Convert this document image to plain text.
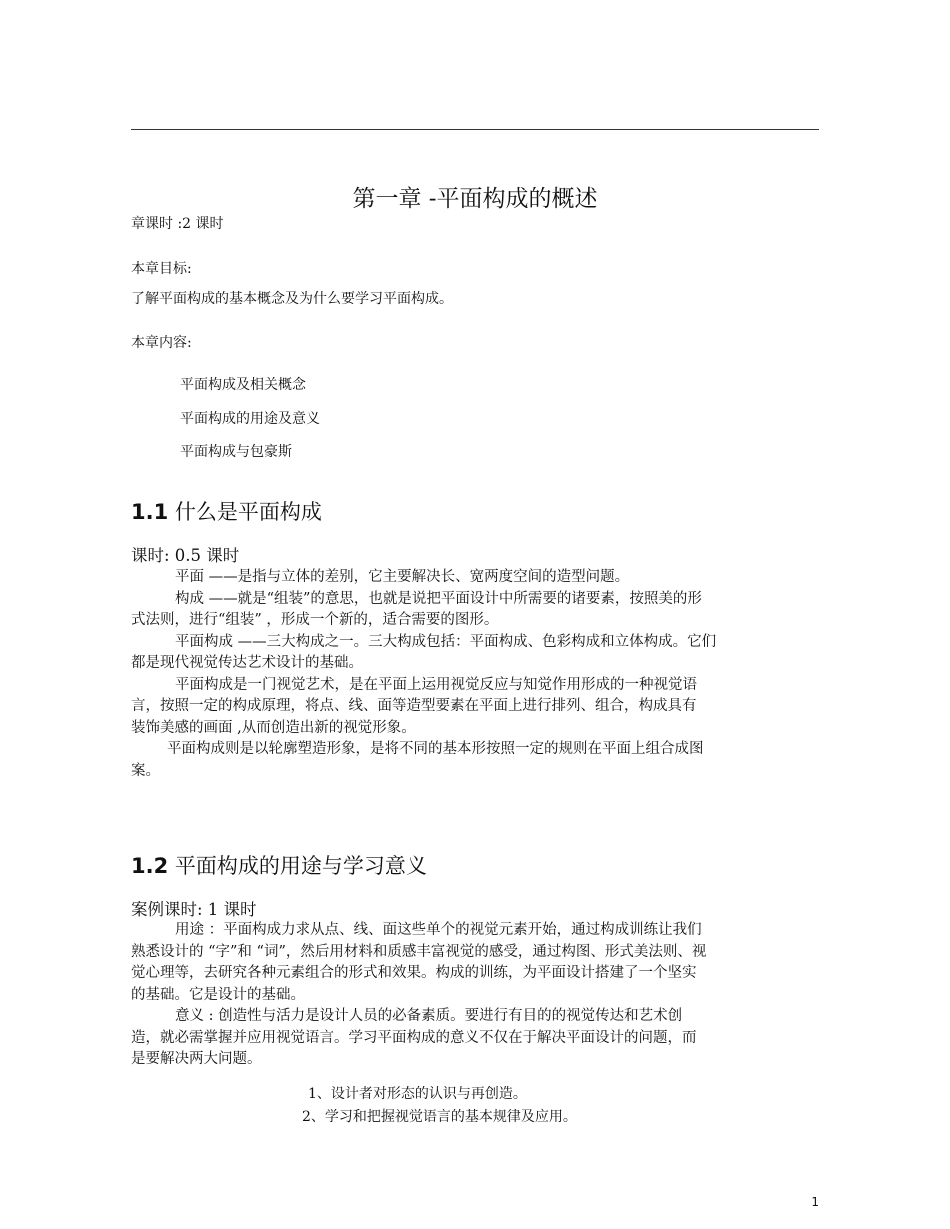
第一章 -平面构成的概述
章课时 :2 课时
本章目标:
了解平面构成的基本概念及为什么要学习平面构成。
本章内容:
平面构成及相关概念
平面构成的用途及意义
平面构成与包豪斯
1.1 什么是平面构成
课时: 0.5 课时

平面 ——是指与立体的差别，它主要解决长、宽两度空间的造型问题。

构成 ——就是“组装”的意思，也就是说把平面设计中所需要的诸要素，按照美的形

式法则，进行“组装” ，形成一个新的，适合需要的图形。

平面构成 ——三大构成之一。三大构成包括：平面构成、色彩构成和立体构成。它们

都是现代视觉传达艺术设计的基础。

平面构成是一门视觉艺术，是在平面上运用视觉反应与知觉作用形成的一种视觉语

言，按照一定的构成原理，将点、线、面等造型要素在平面上进行排列、组合，构成具有

装饰美感的画面 ,从而创造出新的视觉形象。

平面构成则是以轮廓塑造形象，是将不同的基本形按照一定的规则在平面上组合成图

案。

1.2 平面构成的用途与学习意义
案例课时: 1 课时

用途 ：平面构成力求从点、线、面这些单个的视觉元素开始，通过构成训练让我们

熟悉设计的 “字”和 “词”，然后用材料和质感丰富视觉的感受，通过构图、形式美法则、视

觉心理等，去研究各种元素组合的形式和效果。构成的训练，为平面设计搭建了一个坚实

的基础。它是设计的基础。

意义 : 创造性与活力是设计人员的必备素质。要进行有目的的视觉传达和艺术创

造，就必需掌握并应用视觉语言。学习平面构成的意义不仅在于解决平面设计的问题，而

是要解决两大问题。

1、设计者对形态的认识与再创造。
2、学习和把握视觉语言的基本规律及应用。
1
